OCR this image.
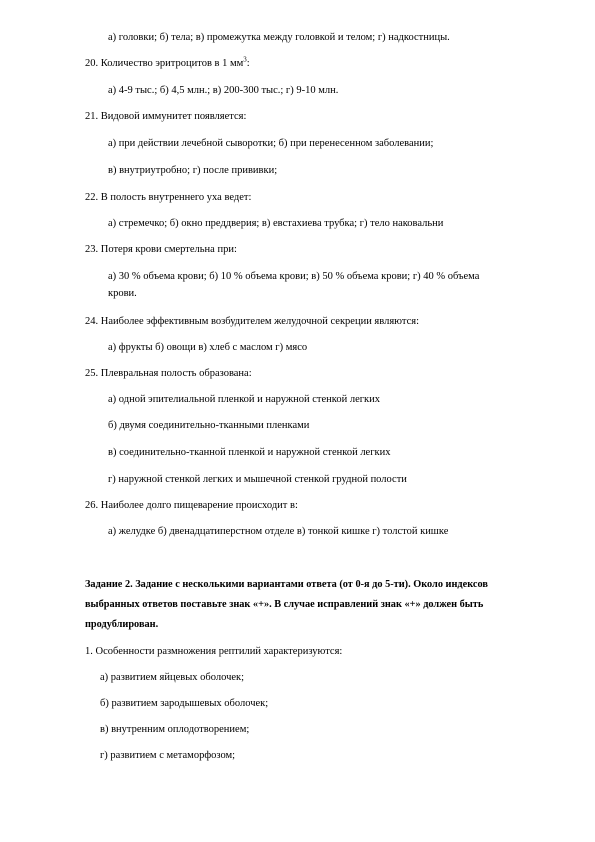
а) головки; б) тела; в) промежутка между головкой и телом; г) надкостницы.
20. Количество эритроцитов в 1 $мм^3$:
а) 4-9 тыс.; б) 4,5 млн.; в) 200-300 тыс.; г) 9-10 млн.
21. Видовой иммунитет появляется:
а) при действии лечебной сыворотки; б) при перенесенном заболевании;
в) внутриутробно; г) после прививки;
22. В полость внутреннего уха ведет:
а) стремечко; б) окно преддверия; в) евстахиева трубка; г) тело наковальни
23. Потеря крови смертельна при:
а) 30 % объема крови; б) 10 % объема крови; в) 50 % объема крови; г) 40 % объема
крови.
24. Наиболее эффективным возбудителем желудочной секреции являются:
а) фрукты б) овощи в) хлеб с маслом г) мясо
25. Плевральная полость образована:
а) одной эпителиальной пленкой и наружной стенкой легких
б) двумя соединительно-тканными пленками
в) соединительно-тканной пленкой и наружной стенкой легких
г) наружной стенкой легких и мышечной стенкой грудной полости
26. Наиболее долго пищеварение происходит в:
а) желудке б) двенадцатиперстном отделе в) тонкой кишке г) толстой кишке
Задание 2. Задание с несколькими вариантами ответа (от 0-я до 5-ти). Около индексов
выбранных ответов поставьте знак «+». В случае исправлений знак «+» должен быть
продублирован.
1. Особенности размножения рептилий характеризуются:
а) развитием яйцевых оболочек;
б) развитием зародышевых оболочек;
в) внутренним оплодотворением;
г) развитием с метаморфозом;
